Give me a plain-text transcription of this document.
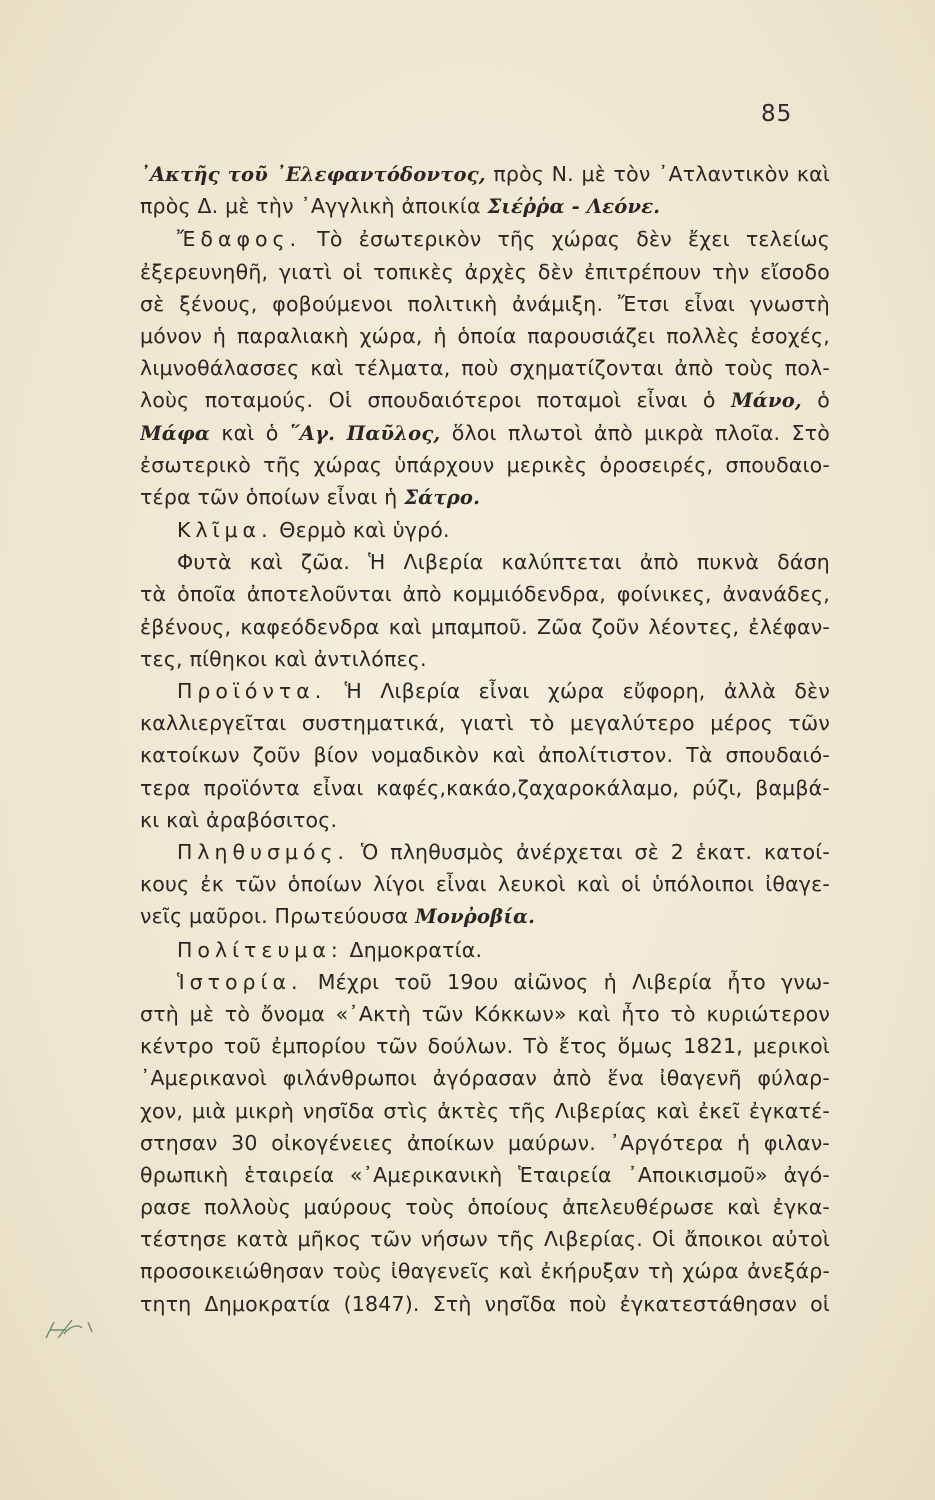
85
᾿Ακτῆς τοῦ ᾿Ελεφαντόδοντος, πρὸς Ν. μὲ τὸν ᾿Ατλαντικὸν καὶ
πρὸς Δ. μὲ τὴν ᾿Αγγλικὴ ἀποικία Σιέῤῥα - Λεόνε.
Ἔδαφος. Τὸ ἐσωτερικὸν τῆς χώρας δὲν ἔχει τελείως
ἐξερευνηθῆ, γιατὶ οἱ τοπικὲς ἀρχὲς δὲν ἐπιτρέπουν τὴν εἴσοδο
σὲ ξένους, φοβούμενοι πολιτικὴ ἀνάμιξη. Ἔτσι εἶναι γνωστὴ
μόνον ἡ παραλιακὴ χώρα, ἡ ὁποία παρουσιάζει πολλὲς ἐσοχές,
λιμνοθάλασσες καὶ τέλματα, ποὺ σχηματίζονται ἀπὸ τοὺς πολ-
λοὺς ποταμούς. Οἱ σπουδαιότεροι ποταμοὶ εἶναι ὁ Μάνο, ὁ
Μάφα καὶ ὁ ῞Αγ. Παῦλος, ὅλοι πλωτοὶ ἀπὸ μικρὰ πλοῖα. Στὸ
ἐσωτερικὸ τῆς χώρας ὑπάρχουν μερικὲς ὀροσειρές, σπουδαιο-
τέρα τῶν ὁποίων εἶναι ἡ Σάτρο.
Κλῖμα. Θερμὸ καὶ ὑγρό.
Φυτὰ καὶ ζῶα. Ἡ Λιβερία καλύπτεται ἀπὸ πυκνὰ δάση
τὰ ὁποῖα ἀποτελοῦνται ἀπὸ κομμιόδενδρα, φοίνικες, ἀνανάδες,
ἐβένους, καφεόδενδρα καὶ μπαμποῦ. Ζῶα ζοῦν λέοντες, ἐλέφαν-
τες, πίθηκοι καὶ ἀντιλόπες.
Προϊόντα. Ἡ Λιβερία εἶναι χώρα εὔφορη, ἀλλὰ δὲν
καλλιεργεῖται συστηματικά, γιατὶ τὸ μεγαλύτερο μέρος τῶν
κατοίκων ζοῦν βίον νομαδικὸν καὶ ἀπολίτιστον. Τὰ σπουδαιό-
τερα προϊόντα εἶναι καφές,κακάο,ζαχαροκάλαμο, ρύζι, βαμβά-
κι καὶ ἀραβόσιτος.
Πληθυσμός. Ὁ πληθυσμὸς ἀνέρχεται σὲ 2 ἑκατ. κατοί-
κους ἐκ τῶν ὁποίων λίγοι εἶναι λευκοὶ καὶ οἱ ὑπόλοιποι ἰθαγε-
νεῖς μαῦροι. Πρωτεύουσα Μονῤοβία.
Πολίτευμα: Δημοκρατία.
Ἱστορία. Μέχρι τοῦ 19ου αἰῶνος ἡ Λιβερία ἦτο γνω-
στὴ μὲ τὸ ὄνομα «᾿Ακτὴ τῶν Κόκκων» καὶ ἦτο τὸ κυριώτερον
κέντρο τοῦ ἐμπορίου τῶν δούλων. Τὸ ἔτος ὅμως 1821, μερικοὶ
᾿Αμερικανοὶ φιλάνθρωποι ἀγόρασαν ἀπὸ ἕνα ἰθαγενῆ φύλαρ-
χον, μιὰ μικρὴ νησῖδα στὶς ἀκτὲς τῆς Λιβερίας καὶ ἐκεῖ ἐγκατέ-
στησαν 30 οἰκογένειες ἀποίκων μαύρων. ᾿Αργότερα ἡ φιλαν-
θρωπικὴ ἑταιρεία «᾿Αμερικανικὴ Ἑταιρεία ᾿Αποικισμοῦ» ἀγό-
ρασε πολλοὺς μαύρους τοὺς ὁποίους ἀπελευθέρωσε καὶ ἐγκα-
τέστησε κατὰ μῆκος τῶν νήσων τῆς Λιβερίας. Οἱ ἄποικοι αὐτοὶ
προσοικειώθησαν τοὺς ἰθαγενεῖς καὶ ἐκήρυξαν τὴ χώρα ἀνεξάρ-
τητη Δημοκρατία (1847). Στὴ νησῖδα ποὺ ἐγκατεστάθησαν οἱ
